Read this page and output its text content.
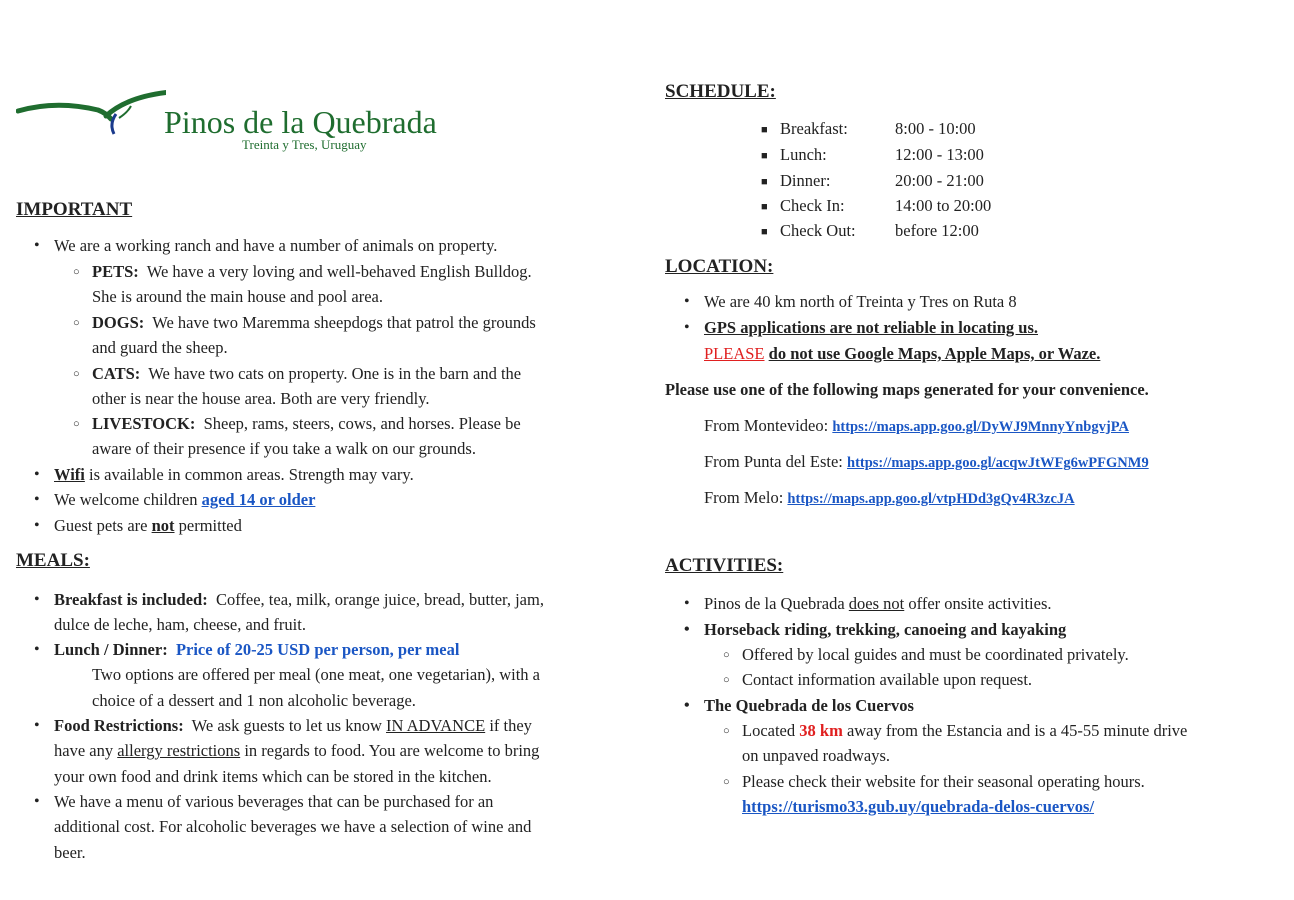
Pinos de la Quebrada
Treinta y Tres, Uruguay
IMPORTANT
• We are a working ranch and have a number of animals on property.
○ PETS: We have a very loving and well-behaved English Bulldog.
She is around the main house and pool area.
○ DOGS: We have two Maremma sheepdogs that patrol the grounds
and guard the sheep.
○ CATS: We have two cats on property. One is in the barn and the
other is near the house area. Both are very friendly.
○ LIVESTOCK: Sheep, rams, steers, cows, and horses. Please be
aware of their presence if you take a walk on our grounds.
• Wifi is available in common areas. Strength may vary.
• We welcome children aged 14 or older
• Guest pets are not permitted
MEALS:
• Breakfast is included: Coffee, tea, milk, orange juice, bread, butter, jam,
dulce de leche, ham, cheese, and fruit.
• Lunch / Dinner: Price of 20-25 USD per person, per meal
Two options are offered per meal (one meat, one vegetarian), with a
choice of a dessert and 1 non alcoholic beverage.
• Food Restrictions: We ask guests to let us know IN ADVANCE if they
have any allergy restrictions in regards to food. You are welcome to bring
your own food and drink items which can be stored in the kitchen.
• We have a menu of various beverages that can be purchased for an
additional cost. For alcoholic beverages we have a selection of wine and
beer.
SCHEDULE:
■ Breakfast:	8:00 - 10:00
■ Lunch:	12:00 - 13:00
■ Dinner:	20:00 - 21:00
■ Check In:	14:00 to 20:00
■ Check Out: before 12:00
LOCATION:
• We are 40 km north of Treinta y Tres on Ruta 8
• GPS applications are not reliable in locating us.
PLEASE do not use Google Maps, Apple Maps, or Waze.
Please use one of the following maps generated for your convenience.
From Montevideo: https://maps.app.goo.gl/DyWJ9MnnyYnbgvjPA
From Punta del Este: https://maps.app.goo.gl/acqwJtWFg6wPFGNM9
From Melo: https://maps.app.goo.gl/vtpHDd3gQv4R3zcJA
ACTIVITIES:
• Pinos de la Quebrada does not offer onsite activities.
• Horseback riding, trekking, canoeing and kayaking
○ Offered by local guides and must be coordinated privately.
○ Contact information available upon request.
• The Quebrada de los Cuervos
○ Located 38 km away from the Estancia and is a 45-55 minute drive
on unpaved roadways.
○ Please check their website for their seasonal operating hours.
https://turismo33.gub.uy/quebrada-delos-cuervos/
